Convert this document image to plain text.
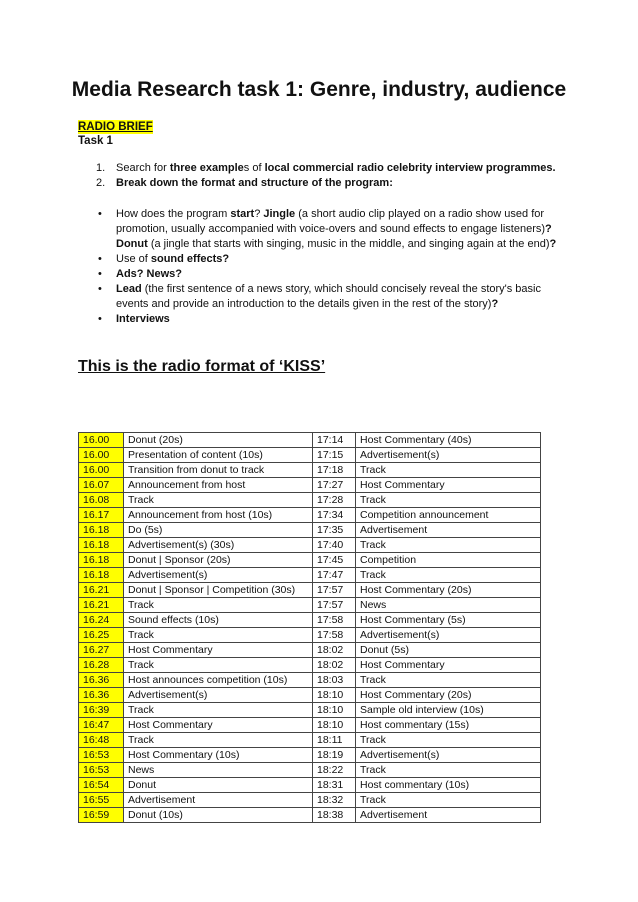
Media Research task 1: Genre, industry, audience
RADIO BRIEF
Task 1
1. Search for three examples of local commercial radio celebrity interview programmes.
2. Break down the format and structure of the program:
• How does the program start? Jingle (a short audio clip played on a radio show used for promotion, usually accompanied with voice-overs and sound effects to engage listeners)? Donut (a jingle that starts with singing, music in the middle, and singing again at the end)?
• Use of sound effects?
• Ads? News?
• Lead (the first sentence of a news story, which should concisely reveal the story's basic events and provide an introduction to the details given in the rest of the story)?
• Interviews
This is the radio format of ‘KISS’
16.00	Donut (20s)	17:14	Host Commentary (40s)
16.00	Presentation of content (10s)	17:15	Advertisement(s)
16.00	Transition from donut to track	17:18	Track
16.07	Announcement from host	17:27	Host Commentary
16.08	Track	17:28	Track
16.17	Announcement from host (10s)	17:34	Competition announcement
16.18	Do (5s)	17:35	Advertisement
16.18	Advertisement(s) (30s)	17:40	Track
16.18	Donut | Sponsor (20s)	17:45	Competition
16.18	Advertisement(s)	17:47	Track
16.21	Donut | Sponsor | Competition (30s)	17:57	Host Commentary (20s)
16.21	Track	17:57	News
16.24	Sound effects (10s)	17:58	Host Commentary (5s)
16.25	Track	17:58	Advertisement(s)
16.27	Host Commentary	18:02	Donut (5s)
16.28	Track	18:02	Host Commentary
16.36	Host announces competition (10s)	18:03	Track
16.36	Advertisement(s)	18:10	Host Commentary (20s)
16:39	Track	18:10	Sample old interview (10s)
16:47	Host Commentary	18:10	Host commentary (15s)
16:48	Track	18:11	Track
16:53	Host Commentary (10s)	18:19	Advertisement(s)
16:53	News	18:22	Track
16:54	Donut	18:31	Host commentary (10s)
16:55	Advertisement	18:32	Track
16:59	Donut (10s)	18:38	Advertisement
